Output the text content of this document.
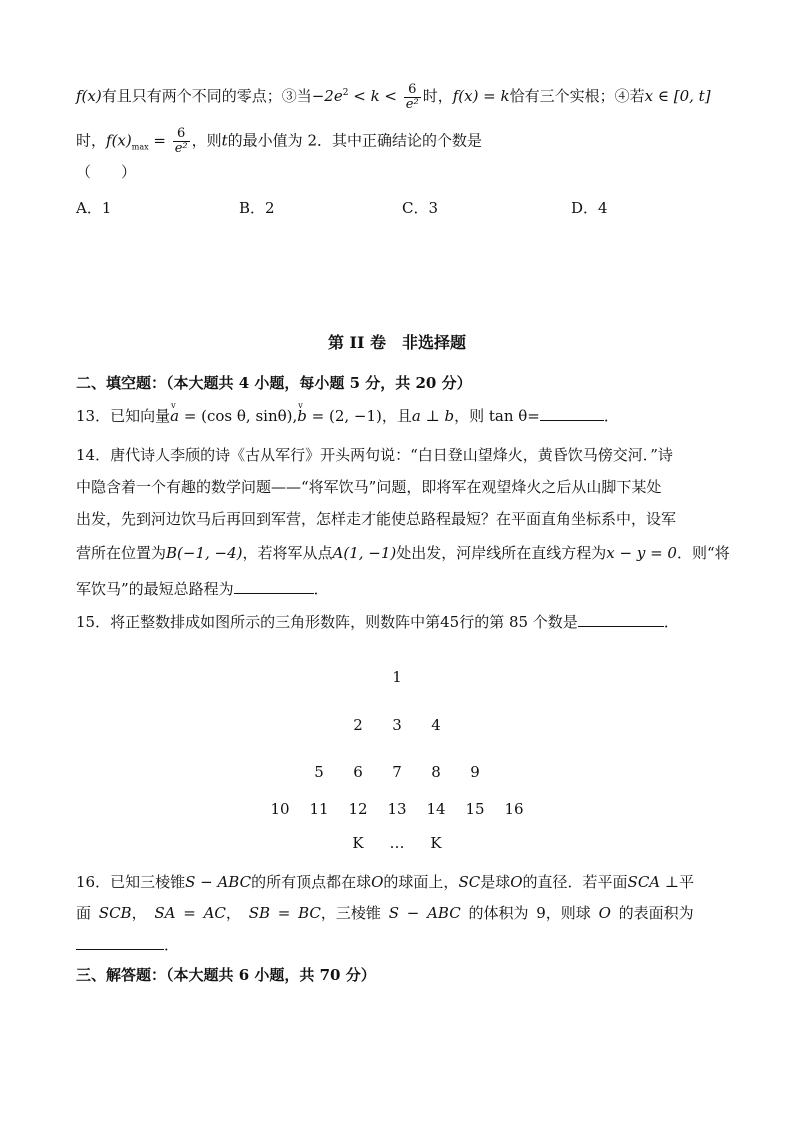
f(x)有且只有两个不同的零点；③当$-2e^2 < k < \frac{6}{\text{e²}}$ 时，f(x) = k恰有三个实根；④若x ∈ [0, t]
时，$f(x)_{max} = \frac{6}{\text{e²}}$ ，则t的最小值为 2．其中正确结论的个数是
（　　）
A．1	B．2	C．3	D．4
第 II 卷　非选择题
二、填空题：（本大题共 4 小题，每小题 5 分，共 20 分）
13．已知向量v a = (cos θ, sinθ),v b = (2, −1)，且a ⊥ b，则 tan θ=	．
14．唐代诗人李颀的诗《古从军行》开头两句说：“白日登山望烽火，黄昏饮马傍交河．”诗
中隐含着一个有趣的数学问题——“将军饮马”问题，即将军在观望烽火之后从山脚下某处
出发，先到河边饮马后再回到军营，怎样走才能使总路程最短？在平面直角坐标系中，设军
营所在位置为B(−1, −4)，若将军从点A(1, −1)处出发，河岸线所在直线方程为x − y = 0．则“将
军饮马”的最短总路程为	．
15．将正整数排成如图所示的三角形数阵，则数阵中第45行的第 85 个数是	．
1
2 3 4
5 6 7 8 9
10 11 12 13 14 15 16
K … K
16．已知三棱锥S − ABC的所有顶点都在球O的球面上，SC是球O的直径．若平面SCA ⊥平
面 SCB， SA = AC， SB = BC，三棱锥 S − ABC 的体积为 9，则球 O 的表面积为
．
三、解答题：（本大题共 6 小题，共 70 分）
